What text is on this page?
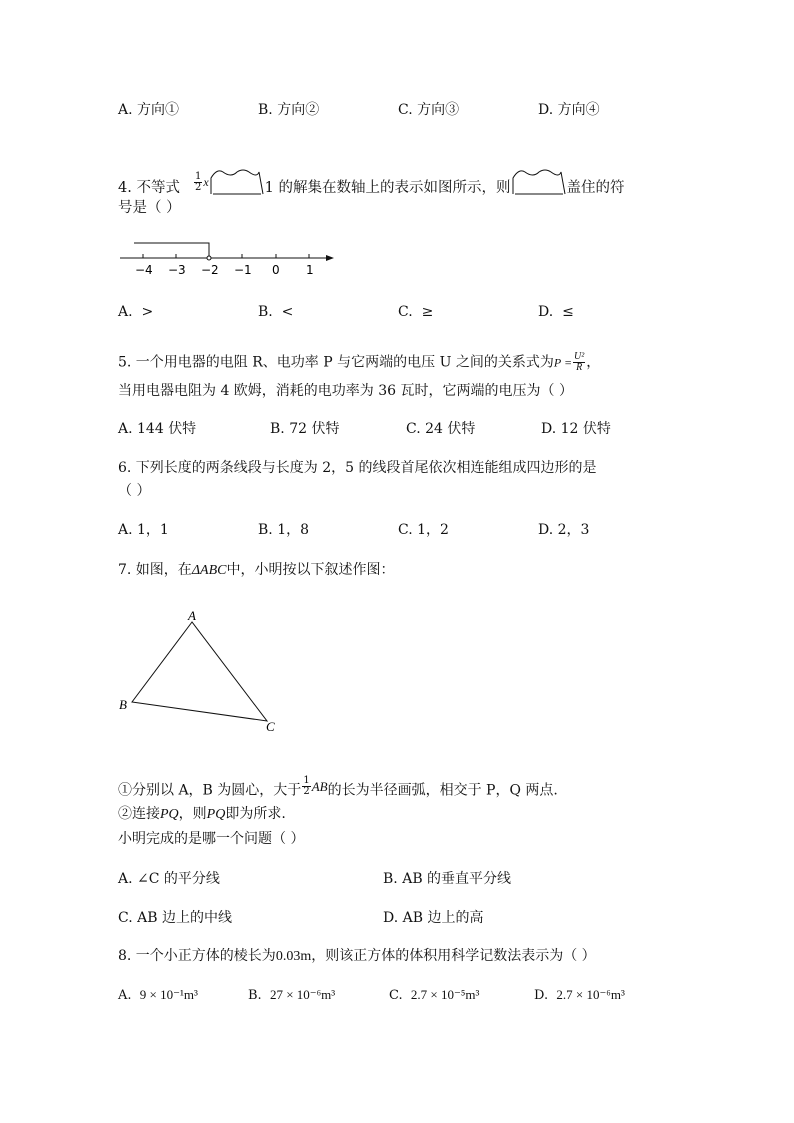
A. 方向①	B. 方向②	C. 方向③	D. 方向④
4. 不等式 $\frac{1}{2} ^x$	1 的解集在数轴上的表示如图所示，则	盖住的符
号是（ ）
−4 −3 −2 −1 0 1
A. >	B. <	C. ≥	D. ≤
5. 一个用电器的电阻 R、电功率 P 与它两端的电压 U 之间的关系式为$P = \frac{\text{U²}}{R}$ ，
当用电器电阻为 4 欧姆，消耗的电功率为 36 瓦时，它两端的电压为（ ）
A. 144 伏特	B. 72 伏特	C. 24 伏特	D. 12 伏特
6. 下列长度的两条线段与长度为 2，5 的线段首尾依次相连能组成四边形的是
（ ）
A. 1，1	B. 1，8	C. 1，2	D. 2，3
7. 如图，在ΔABC中，小明按以下叙述作图：
A
B
C
①分别以 A，B 为圆心，大于 $\frac{1}{2}$ AB的长为半径画弧，相交于 P，Q 两点.
②连接PQ，则PQ即为所求.
小明完成的是哪一个问题（ ）
A. ∠C 的平分线	B. AB 的垂直平分线
C. AB 边上的中线	D. AB 边上的高
8. 一个小正方体的棱长为0.03m，则该正方体的体积用科学记数法表示为（ ）
A. 9 × 10⁻¹m³	B. 27 × 10⁻⁶m³	C. 2.7 × 10⁻⁵m³	D. 2.7 × 10⁻⁶m³
